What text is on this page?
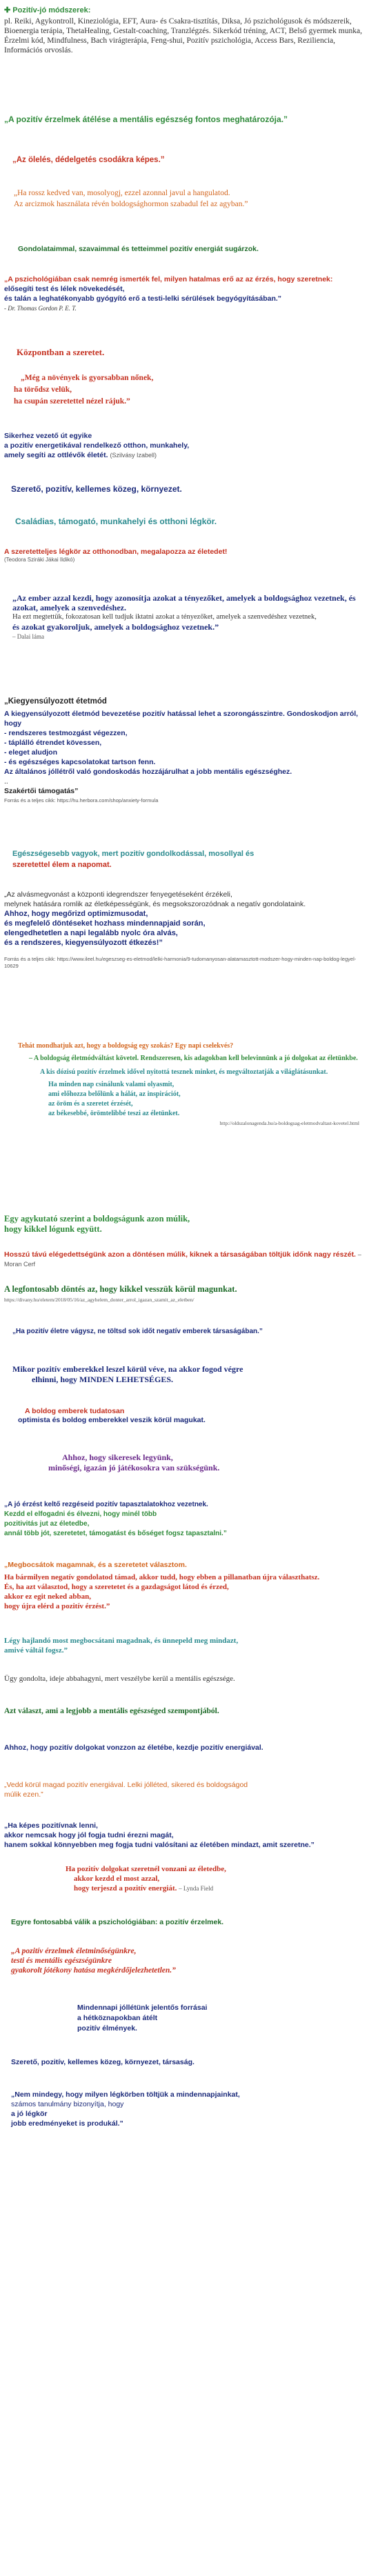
✚ Pozitív-jó módszerek:
pl. Reiki, Agykontroll, Kineziológia, EFT, Aura- és Csakra-tisztítás, Diksa, Jó pszichológusok és módszereik, Bioenergia terápia, ThetaHealing, Gestalt-coaching, Tranzlégzés. Sikerkód tréning, ACT, Belső gyermek munka, Érzelmi kód, Mindfulness, Bach virágterápia, Feng-shui, Pozitív pszichológia, Access Bars, Reziliencia, Információs orvoslás.
„A pozitív érzelmek átélése a mentális egészség fontos meghatározója.”
„Az ölelés, dédelgetés csodákra képes.”
„Ha rossz kedved van, mosolyogj, ezzel azonnal javul a hangulatod.
Az arcizmok használata révén boldogsághormon szabadul fel az agyban.”
Gondolataimmal, szavaimmal és tetteimmel pozitív energiát sugárzok.
„A pszichológiában csak nemrég ismerték fel, milyen hatalmas erő az az érzés, hogy szeretnek:
elősegíti test és lélek növekedését,
és talán a leghatékonyabb gyógyító erő a testi-lelki sérülések begyógyításában.”
- Dr. Thomas Gordon P. E. T.
Központban a szeretet.
„Még a növények is gyorsabban nőnek,
ha törődsz velük,
ha csupán szeretettel nézel rájuk.”
Sikerhez vezető út egyike
a pozitív energetikával rendelkező otthon, munkahely,
amely segíti az ottlévők életét. (Szilvásy Izabell)
Szerető, pozitív, kellemes közeg, környezet.
Családias, támogató, munkahelyi és otthoni légkör.
A szeretetteljes légkör az otthonodban, megalapozza az életedet!
(Teodora Sziráki Jákai Ildikó)
„Az ember azzal kezdi, hogy azonosítja azokat a tényezőket, amelyek a boldogsághoz vezetnek, és azokat, amelyek a szenvedéshez.
Ha ezt megtettük, fokozatosan kell tudjuk iktatni azokat a tényezőket, amelyek a szenvedéshez vezetnek,
és azokat gyakoroljuk, amelyek a boldogsághoz vezetnek.”
– Dalai láma
„Kiegyensúlyozott étetmód
A kiegyensúlyozott életmód bevezetése pozitív hatással lehet a szorongásszintre. Gondoskodjon arról, hogy
- rendszeres testmozgást végezzen,
- táplálló étrendet kövessen,
- eleget aludjon
- és egészséges kapcsolatokat tartson fenn.
Az általános jóllétről való gondoskodás hozzájárulhat a jobb mentális egészséghez.
..
Szakértői támogatás”
Forrás és a teljes cikk: https://hu.herbora.com/shop/anxiety-formula
Egészségesebb vagyok, mert pozitív gondolkodással, mosollyal és
szeretettel élem a napomat.
„Az alvásmegvonást a központi idegrendszer fenyegetéseként érzékeli,
melynek hatására romlik az életképességünk, és megsokszorozódnak a negatív gondolataink.
Ahhoz, hogy megőrizd optimizmusodat,
és megfelelő döntéseket hozhass mindennapjaid során,
elengedhetetlen a napi legalább nyolc óra alvás,
és a rendszeres, kiegyensúlyozott étkezés!”
Forrás és a teljes cikk: https://www.ileel.hu/egeszseg-es-eletmod/lelki-harmonia/9-tudomanyosan-alatamasztott-modszer-hogy-minden-nap-boldog-legyel-10629
Tehát mondhatjuk azt, hogy a boldogság egy szokás? Egy napi cselekvés?
– A boldogság életmódváltást követel. Rendszeresen, kis adagokban kell belevinnünk a jó dolgokat az életünkbe.
A kis dózisú pozitív érzelmek idővel nyitottá tesznek minket, és megváltoztatják a világlátásunkat.
Ha minden nap csinálunk valami olyasmit,
ami előhozza belőlünk a hálát, az inspirációt,
az öröm és a szeretet érzését,
az békesebbé, örömtelibbé teszi az életünket.
http://oldszalonagenda.hu/a-boldogsag-eletmodvaltast-kovetel.html
Egy agykutató szerint a boldogságunk azon múlik,
hogy kikkel lógunk együtt.
Hosszú távú elégedettségünk azon a döntésen múlik, kiknek a társaságában töltjük időnk nagy részét. – Moran Cerf
A legfontosabb döntés az, hogy kikkel vesszük körül magunkat.
https://divany.hu/eletem/2018/05/16/az_agyhelem_donter_arrol_igazan_szamit_az_eletben/
„Ha pozitív életre vágysz, ne töltsd sok időt negatív emberek társaságában.”
Mikor pozitív emberekkel leszel körül véve, na akkor fogod végre
elhinni, hogy MINDEN LEHETSÉGES.
A boldog emberek tudatosan
optimista és boldog emberekkel veszik körül magukat.
Ahhoz, hogy sikeresek legyünk,
minőségi, igazán jó játékosokra van szükségünk.
„A jó érzést keltő rezgéseid pozitív tapasztalatokhoz vezetnek.
Kezdd el elfogadni és élvezni, hogy minél több
pozitivitás jut az életedbe,
annál több jót, szeretetet, támogatást és bőséget fogsz tapasztalni.”
„Megbocsátok magamnak, és a szeretetet választom.
Ha bármilyen negatív gondolatod támad, akkor tudd, hogy ebben a pillanatban újra választhatsz.
És, ha azt választod, hogy a szeretetet és a gazdagságot látod és érzed,
akkor ez egit neked abban,
hogy újra elérd a pozitív érzést.”
Légy hajlandó most megbocsátani magadnak, és ünnepeld meg mindazt,
amivé váltál fogsz.”
Ügy gondolta, ideje abbahagyni, mert veszélybe kerül a mentális egészsége.
Azt választ, ami a legjobb a mentális egészséged szempontjából.
Ahhoz, hogy pozitív dolgokat vonzzon az életébe, kezdje pozitív energiával.
„Vedd körül magad pozitív energiával. Lelki jólléted, sikered és boldogságod
múlik ezen.”
„Ha képes pozitívnak lenni,
akkor nemcsak hogy jól fogja tudni érezni magát,
hanem sokkal könnyebben meg fogja tudni valósítani az életében mindazt, amit szeretne.”
Ha pozitív dolgokat szeretnél vonzani az életedbe,
akkor kezdd el most azzal,
hogy terjeszd a pozitív energiát. – Lynda Field
Egyre fontosabbá válik a pszichológiában: a pozitív érzelmek.
„A pozitív érzelmek életminőségünkre,
testi és mentális egészségünkre
gyakorolt jótékony hatása megkérdőjelezhetetlen.”
Mindennapi jóllétünk jelentős forrásai
a hétköznapokban átélt
pozitív élmények.
Szerető, pozitív, kellemes közeg, környezet, társaság.
„Nem mindegy, hogy milyen légkörben töltjük a mindennapjainkat,
számos tanulmány bizonyítja, hogy
a jó légkör
jobb eredményeket is produkál.”
